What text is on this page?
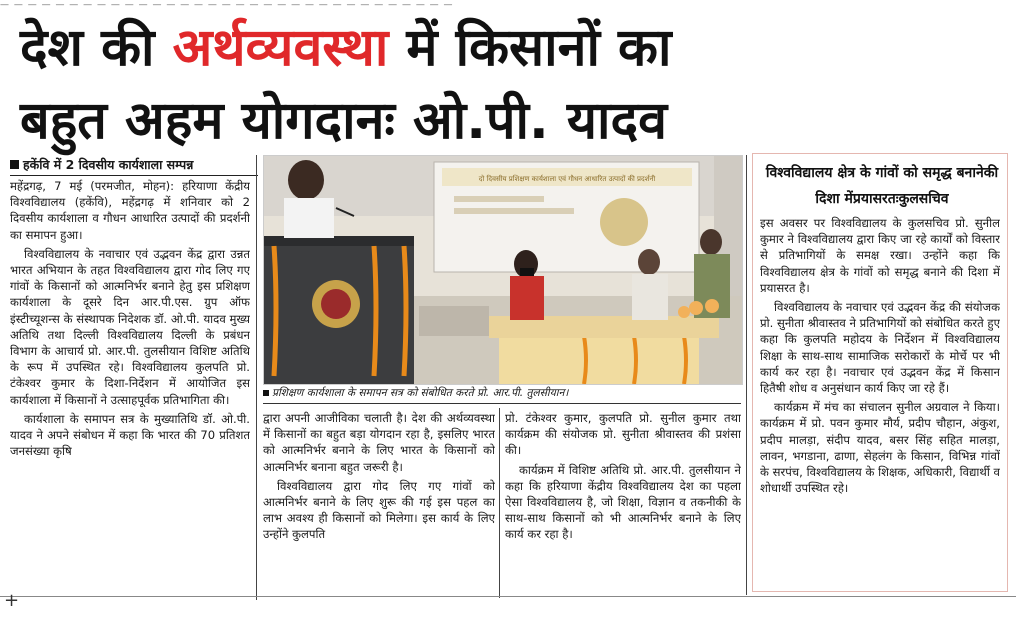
— — — — — — — — — — — — — — — — — — — — — — — — — — — — — — — — —
देश की अर्थव्यवस्था में किसानों का
बहुत अहम योगदानः ओ.पी. यादव
हकेंवि में 2 दिवसीय कार्यशाला सम्पन्न

महेंद्रगढ़, 7 मई (परमजीत, मोहन): हरियाणा केंद्रीय विश्वविद्यालय (हकेंवि), महेंद्रगढ़ में शनिवार को 2 दिवसीय कार्यशाला व गौधन आधारित उत्पादों की प्रदर्शनी का समापन हुआ।

विश्वविद्यालय के नवाचार एवं उद्भवन केंद्र द्वारा उन्नत भारत अभियान के तहत विश्वविद्यालय द्वारा गोद लिए गए गांवों के किसानों को आत्मनिर्भर बनाने हेतु इस प्रशिक्षण कार्यशाला के दूसरे दिन आर.पी.एस. ग्रुप ऑफ इंस्टीच्यूशन्स के संस्थापक निदेशक डॉ. ओ.पी. यादव मुख्य अतिथि तथा दिल्ली विश्वविद्यालय दिल्ली के प्रबंधन विभाग के आचार्य प्रो. आर.पी. तुलसीयान विशिष्ट अतिथि के रूप में उपस्थित रहे। विश्वविद्यालय कुलपति प्रो. टंकेश्वर कुमार के दिशा-निर्देशन में आयोजित इस कार्यशाला में किसानों ने उत्साहपूर्वक प्रतिभागिता की।

कार्यशाला के समापन सत्र के मुख्यातिथि डॉ. ओ.पी. यादव ने अपने संबोधन में कहा कि भारत की 70 प्रतिशत जनसंख्या कृषि

दो दिवसीय प्रशिक्षण कार्यशाला एवं गौधन आधारित उत्पादों की प्रदर्शनी
प्रशिक्षण कार्यशाला के समापन सत्र को संबोधित करते प्रो. आर.पी. तुलसीयान।

द्वारा अपनी आजीविका चलाती है। देश की अर्थव्यवस्था में किसानों का बहुत बड़ा योगदान रहा है, इसलिए भारत को आत्मनिर्भर बनाने के लिए भारत के किसानों को आत्मनिर्भर बनाना बहुत जरूरी है।

विश्वविद्यालय द्वारा गोद लिए गए गांवों को आत्मनिर्भर बनाने के लिए शुरू की गई इस पहल का लाभ अवश्य ही किसानों को मिलेगा। इस कार्य के लिए उन्होंने कुलपति

प्रो. टंकेश्वर कुमार, कुलपति प्रो. सुनील कुमार तथा कार्यक्रम की संयोजक प्रो. सुनीता श्रीवास्तव की प्रशंसा की।

कार्यक्रम में विशिष्ट अतिथि प्रो. आर.पी. तुलसीयान ने कहा कि हरियाणा केंद्रीय विश्वविद्यालय देश का पहला ऐसा विश्वविद्यालय है, जो शिक्षा, विज्ञान व तकनीकी के साथ-साथ किसानों को भी आत्मनिर्भर बनाने के लिए कार्य कर रहा है।

विश्वविद्यालय क्षेत्र के गांवों को समृद्ध बनानेकी दिशा मेंप्रयासरतःकुलसचिव

इस अवसर पर विश्वविद्यालय के कुलसचिव प्रो. सुनील कुमार ने विश्वविद्यालय द्वारा किए जा रहे कार्यों को विस्तार से प्रतिभागियों के समक्ष रखा। उन्होंने कहा कि विश्वविद्यालय क्षेत्र के गांवों को समृद्ध बनाने की दिशा में प्रयासरत है।

विश्वविद्यालय के नवाचार एवं उद्भवन केंद्र की संयोजक प्रो. सुनीता श्रीवास्तव ने प्रतिभागियों को संबोधित करते हुए कहा कि कुलपति महोदय के निर्देशन में विश्वविद्यालय शिक्षा के साथ-साथ सामाजिक सरोकारों के मोर्चे पर भी कार्य कर रहा है। नवाचार एवं उद्भवन केंद्र में किसान हितैषी शोध व अनुसंधान कार्य किए जा रहे हैं।

कार्यक्रम में मंच का संचालन सुनील अग्रवाल ने किया। कार्यक्रम में प्रो. पवन कुमार मौर्य, प्रदीप चौहान, अंकुश, प्रदीप मालड़ा, संदीप यादव, बसर सिंह सहित मालड़ा, लावन, भगडाना, ढाणा, सेहलंग के किसान, विभिन्न गांवों के सरपंच, विश्वविद्यालय के शिक्षक, अधिकारी, विद्यार्थी व शोधार्थी उपस्थित रहे।

+
